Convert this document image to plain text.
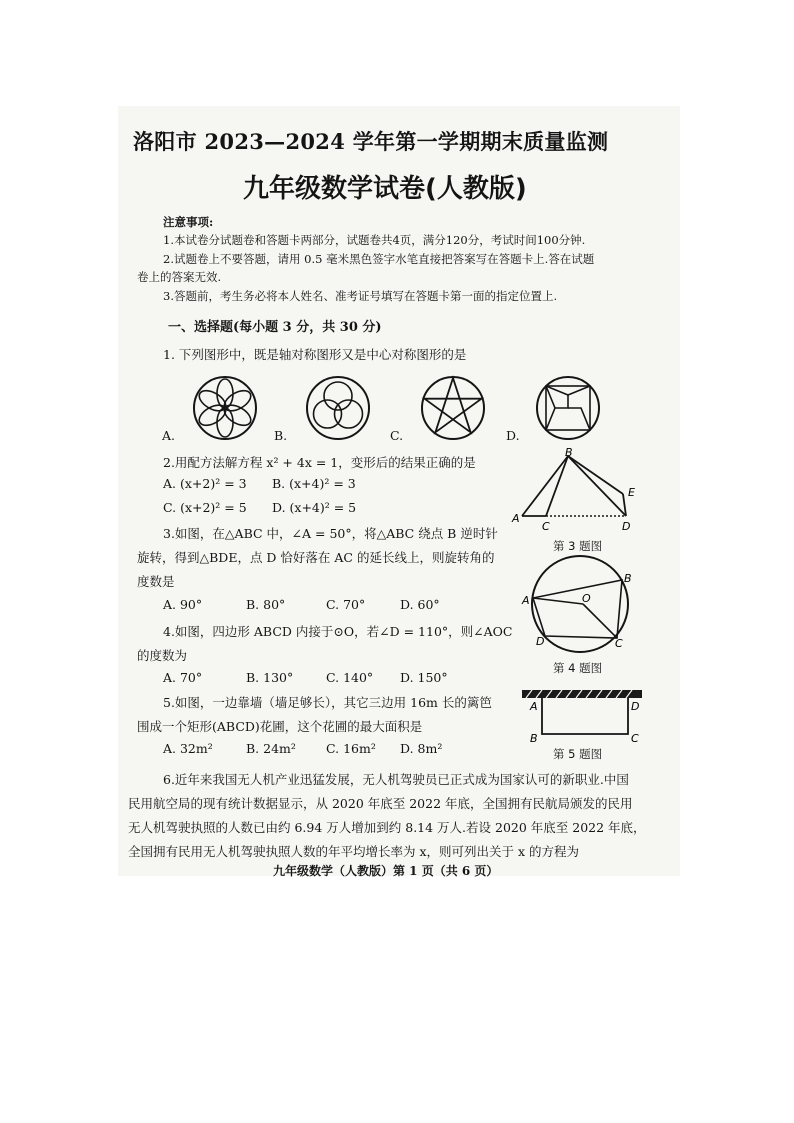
洛阳市 2023—2024 学年第一学期期末质量监测
九年级数学试卷(人教版)
注意事项:
1.本试卷分试题卷和答题卡两部分，试题卷共4页，满分120分，考试时间100分钟.
2.试题卷上不要答题，请用 0.5 毫米黑色签字水笔直接把答案写在答题卡上.答在试题
卷上的答案无效.
3.答题前，考生务必将本人姓名、准考证号填写在答题卡第一面的指定位置上.
一、选择题(每小题 3 分，共 30 分)
1. 下列图形中，既是轴对称图形又是中心对称图形的是
A.	B.	C.	D.
2.用配方法解方程 x² + 4x = 1，变形后的结果正确的是
A. (x+2)² = 3 B. (x+4)² = 3
C. (x+2)² = 5 D. (x+4)² = 5
B
E
A
C	D
第 3 题图
3.如图，在△ABC 中，∠A = 50°，将△ABC 绕点 B 逆时针
旋转，得到△BDE，点 D 恰好落在 AC 的延长线上，则旋转角的
度数是
A. 90°	B. 80°	C. 70°	D. 60°
B
A	O
D	C
第 4 题图
4.如图，四边形 ABCD 内接于⊙O，若∠D = 110°，则∠AOC
的度数为
A. 70°	B. 130°	C. 140° D. 150°
A	D
B	C
第 5 题图
5.如图，一边靠墙（墙足够长），其它三边用 16m 长的篱笆
围成一个矩形(ABCD)花圃，这个花圃的最大面积是
A. 32m²	B. 24m² C. 16m² D. 8m²
6.近年来我国无人机产业迅猛发展，无人机驾驶员已正式成为国家认可的新职业.中国
民用航空局的现有统计数据显示，从 2020 年底至 2022 年底，全国拥有民航局颁发的民用
无人机驾驶执照的人数已由约 6.94 万人增加到约 8.14 万人.若设 2020 年底至 2022 年底，
全国拥有民用无人机驾驶执照人数的年平均增长率为 x，则可列出关于 x 的方程为
九年级数学（人教版）第 1 页（共 6 页）
